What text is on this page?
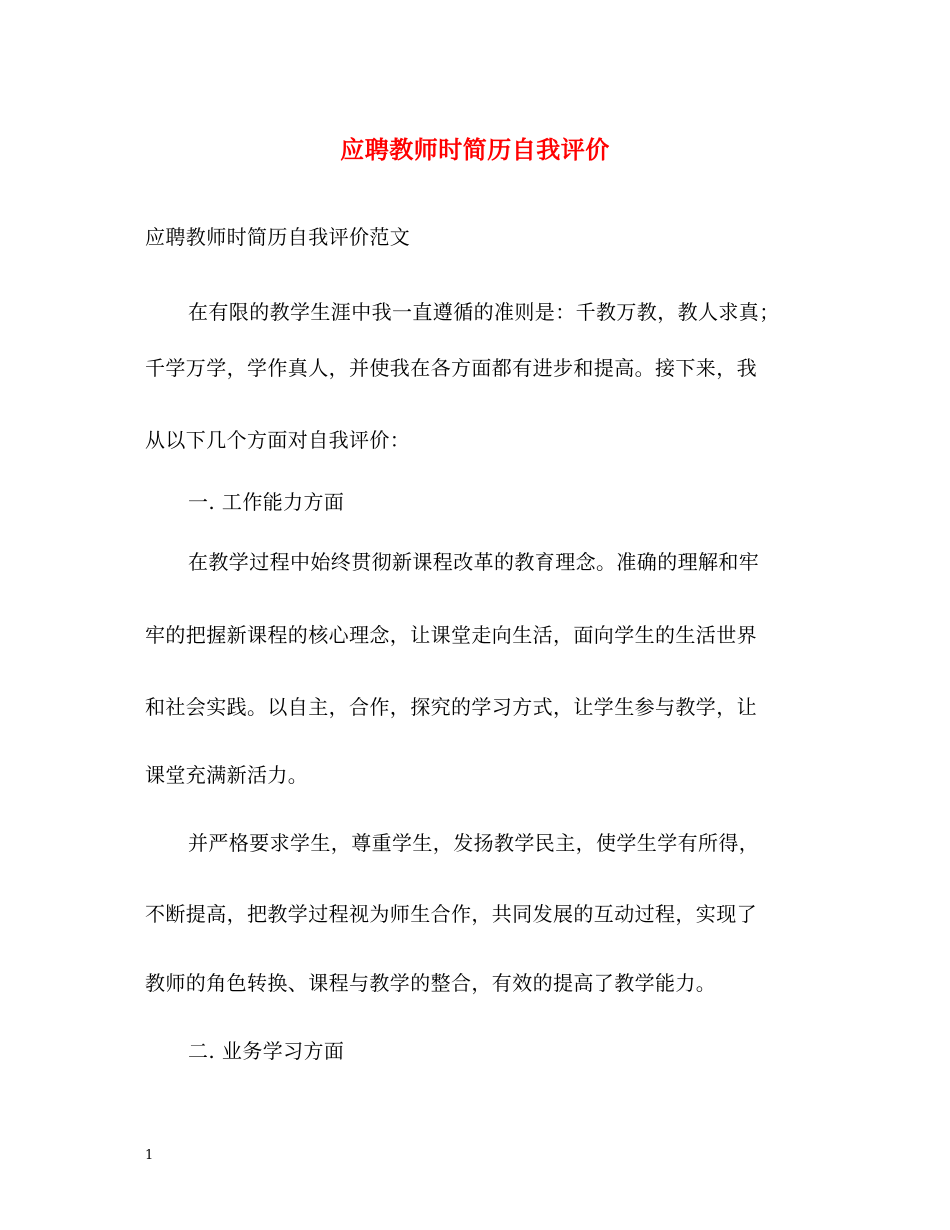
应聘教师时简历自我评价
应聘教师时简历自我评价范文
在有限的教学生涯中我一直遵循的准则是：千教万教，教人求真；
千学万学，学作真人，并使我在各方面都有进步和提高。接下来，我
从以下几个方面对自我评价：
一. 工作能力方面
在教学过程中始终贯彻新课程改革的教育理念。准确的理解和牢
牢的把握新课程的核心理念，让课堂走向生活，面向学生的生活世界
和社会实践。以自主，合作，探究的学习方式，让学生参与教学，让
课堂充满新活力。
并严格要求学生，尊重学生，发扬教学民主，使学生学有所得，
不断提高，把教学过程视为师生合作，共同发展的互动过程，实现了
教师的角色转换、课程与教学的整合，有效的提高了教学能力。
二. 业务学习方面
1
